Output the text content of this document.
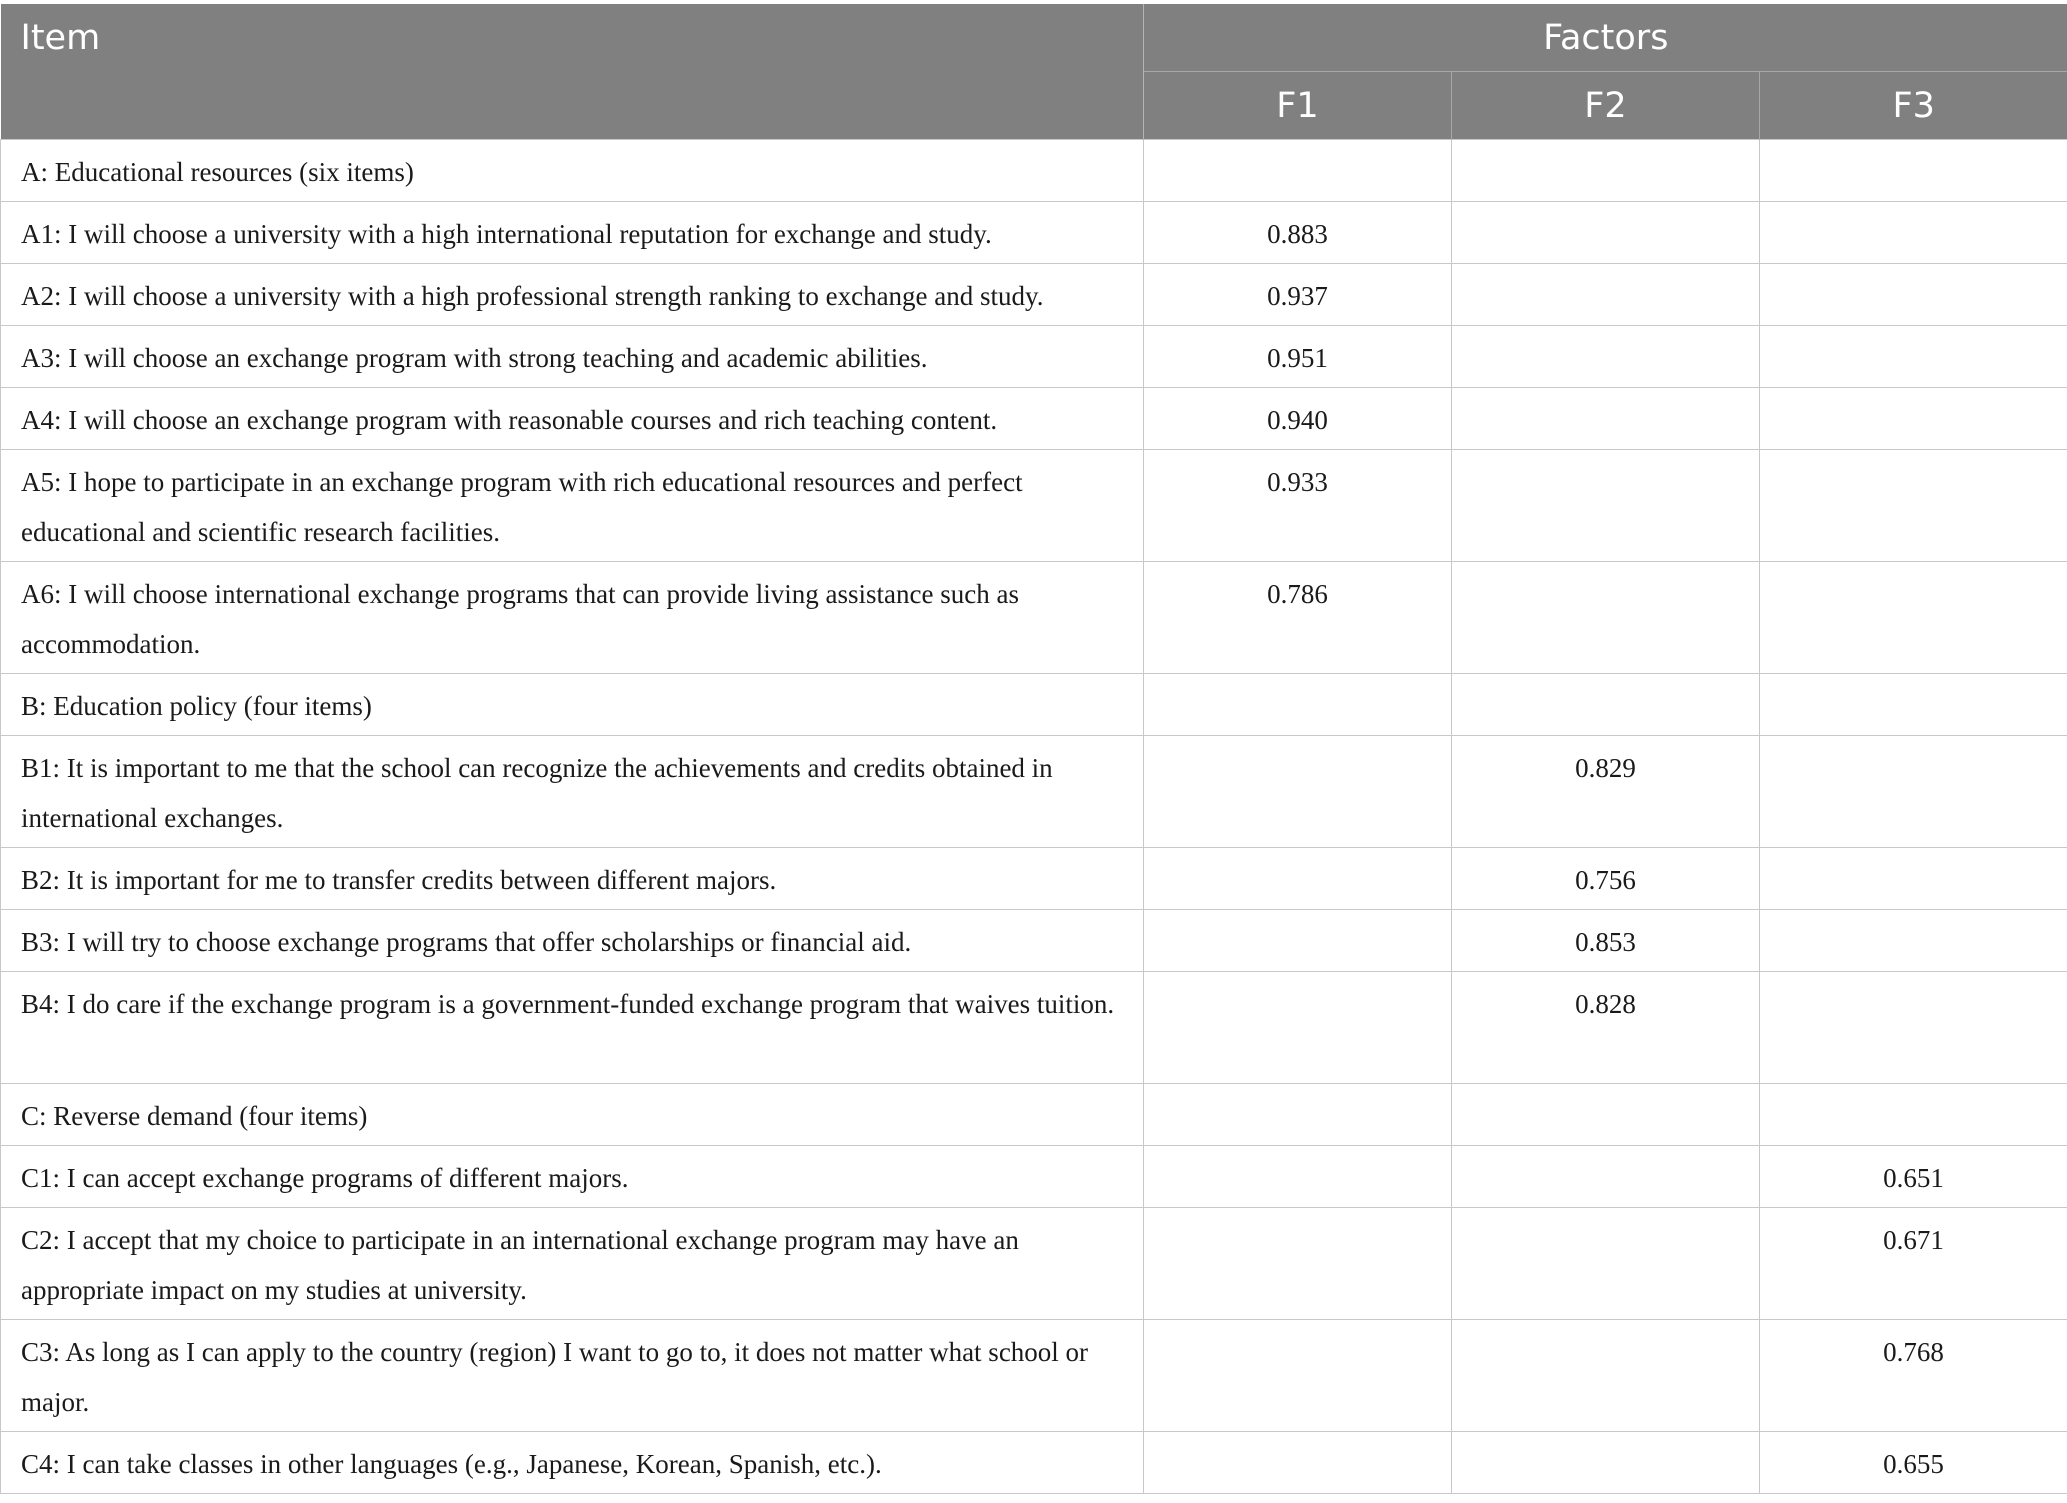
Item	Factors		
	F1	F2	F3

A: Educational resources (six items)			

A1: I will choose a university with a high international reputation for exchange and study.	0.883		

A2: I will choose a university with a high professional strength ranking to exchange and study.	0.937		

A3: I will choose an exchange program with strong teaching and academic abilities.	0.951		

A4: I will choose an exchange program with reasonable courses and rich teaching content.	0.940		

A5: I hope to participate in an exchange program with rich educational resources and perfect educational and scientific research facilities.	0.933		

A6: I will choose international exchange programs that can provide living assistance such as accommodation.	0.786		

B: Education policy (four items)			

B1: It is important to me that the school can recognize the achievements and credits obtained in international exchanges.		0.829	

B2: It is important for me to transfer credits between different majors.		0.756	

B3: I will try to choose exchange programs that offer scholarships or financial aid.		0.853	

B4: I do care if the exchange program is a government-funded exchange program that waives tuition.		0.828	

C: Reverse demand (four items)			

C1: I can accept exchange programs of different majors.			0.651

C2: I accept that my choice to participate in an international exchange program may have an appropriate impact on my studies at university.			0.671

C3: As long as I can apply to the country (region) I want to go to, it does not matter what school or major.			0.768

C4: I can take classes in other languages (e.g., Japanese, Korean, Spanish, etc.).			0.655
